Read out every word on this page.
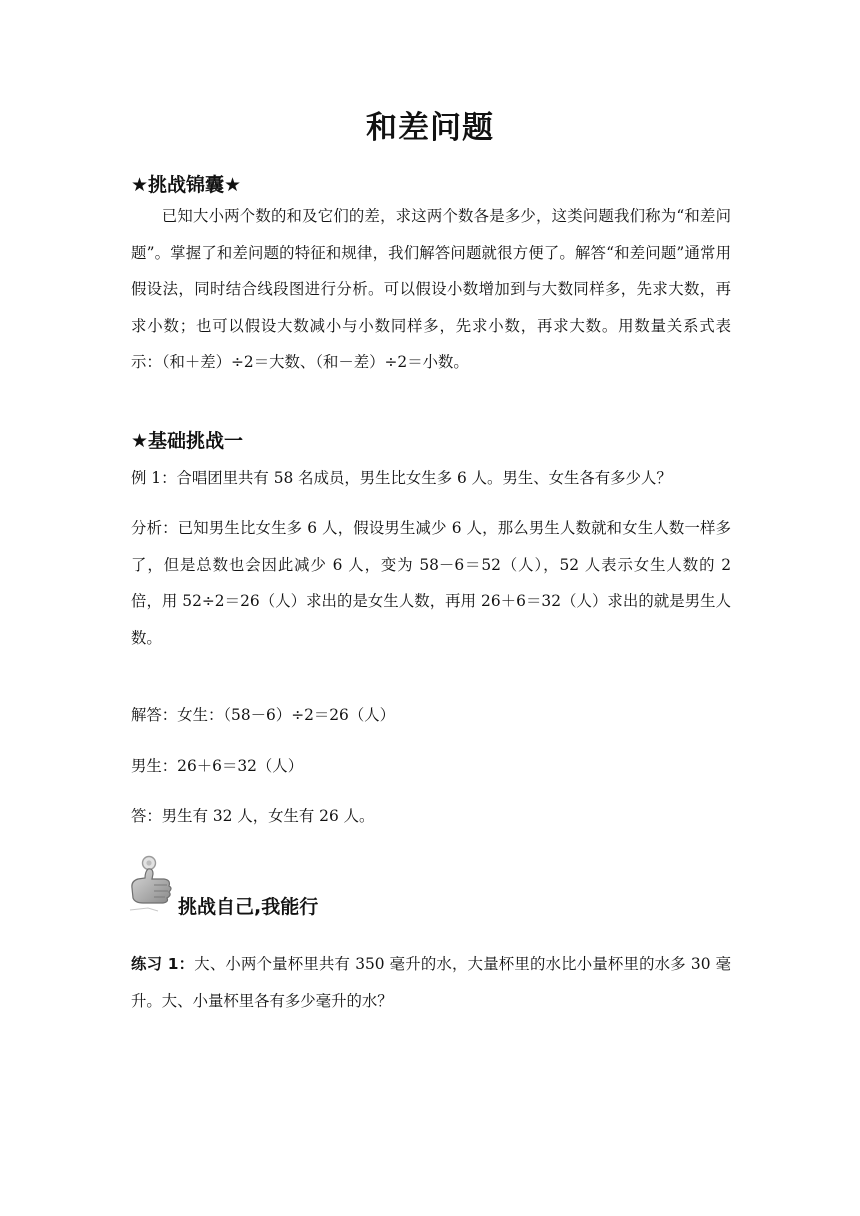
和差问题
★挑战锦囊★

已知大小两个数的和及它们的差，求这两个数各是多少，这类问题我们称为“和差问题”。掌握了和差问题的特征和规律，我们解答问题就很方便了。解答“和差问题”通常用假设法，同时结合线段图进行分析。可以假设小数增加到与大数同样多，先求大数，再求小数；也可以假设大数减小与小数同样多，先求小数，再求大数。用数量关系式表示：（和＋差）÷2＝大数、（和－差）÷2＝小数。

★基础挑战一

例 1：合唱团里共有 58 名成员，男生比女生多 6 人。男生、女生各有多少人？

分析：已知男生比女生多 6 人，假设男生减少 6 人，那么男生人数就和女生人数一样多了，但是总数也会因此减少 6 人，变为 58－6＝52（人），52 人表示女生人数的 2 倍，用 52÷2＝26（人）求出的是女生人数，再用 26＋6＝32（人）求出的就是男生人数。

解答：女生：（58－6）÷2＝26（人）

男生：26＋6＝32（人）

答：男生有 32 人，女生有 26 人。

挑战自己,我能行

练习 1：大、小两个量杯里共有 350 毫升的水，大量杯里的水比小量杯里的水多 30 毫升。大、小量杯里各有多少毫升的水？
